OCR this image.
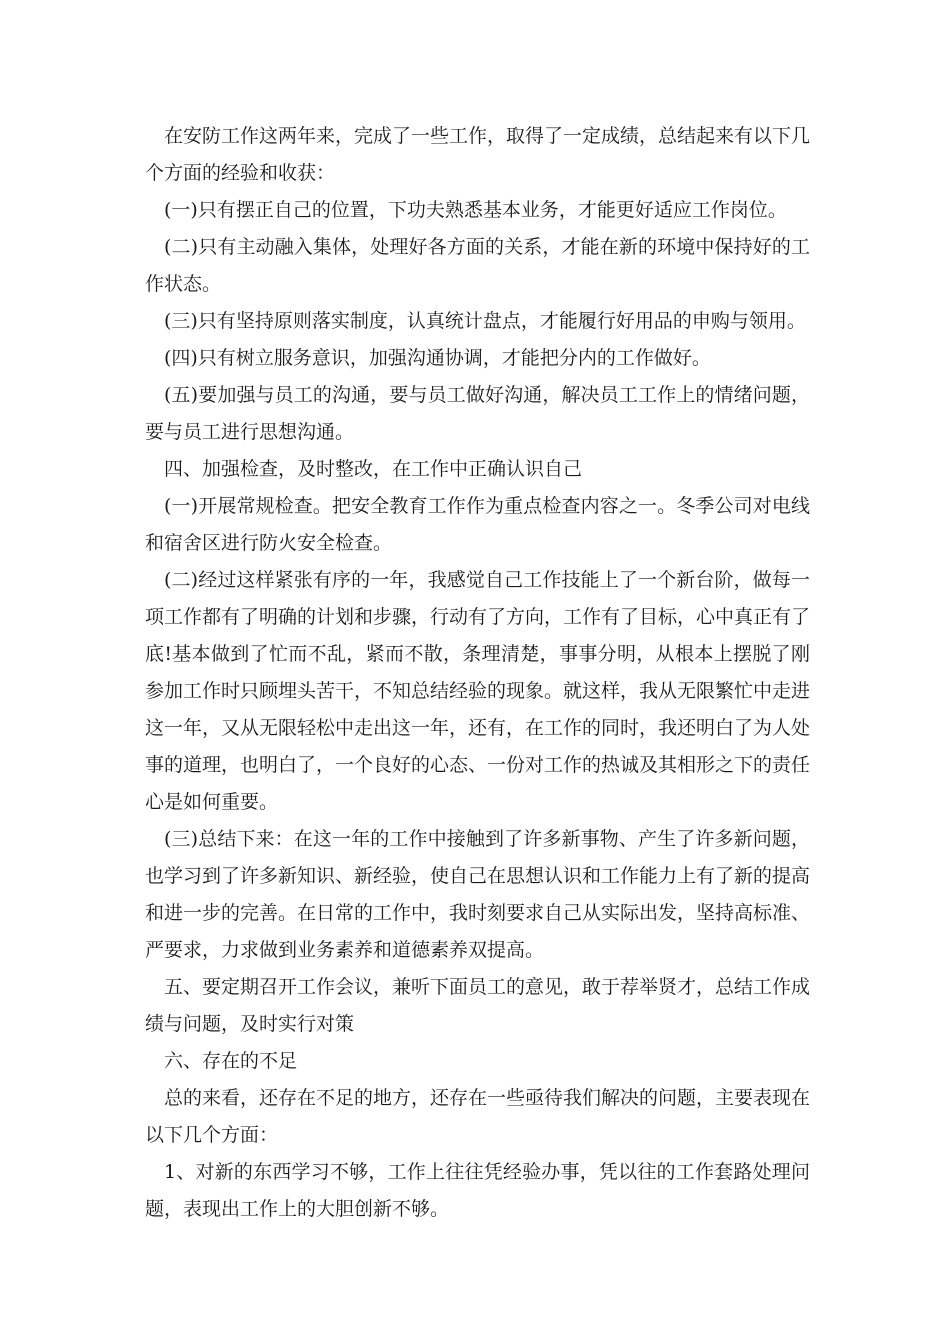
在安防工作这两年来，完成了一些工作，取得了一定成绩，总结起来有以下几个方面的经验和收获：

(一)只有摆正自己的位置，下功夫熟悉基本业务，才能更好适应工作岗位。

(二)只有主动融入集体，处理好各方面的关系，才能在新的环境中保持好的工作状态。

(三)只有坚持原则落实制度，认真统计盘点，才能履行好用品的申购与领用。

(四)只有树立服务意识，加强沟通协调，才能把分内的工作做好。

(五)要加强与员工的沟通，要与员工做好沟通，解决员工工作上的情绪问题，要与员工进行思想沟通。

四、加强检查，及时整改，在工作中正确认识自己

(一)开展常规检查。把安全教育工作作为重点检查内容之一。冬季公司对电线和宿舍区进行防火安全检查。

(二)经过这样紧张有序的一年，我感觉自己工作技能上了一个新台阶，做每一项工作都有了明确的计划和步骤，行动有了方向，工作有了目标，心中真正有了底!基本做到了忙而不乱，紧而不散，条理清楚，事事分明，从根本上摆脱了刚参加工作时只顾埋头苦干，不知总结经验的现象。就这样，我从无限繁忙中走进这一年，又从无限轻松中走出这一年，还有，在工作的同时，我还明白了为人处事的道理，也明白了，一个良好的心态、一份对工作的热诚及其相形之下的责任心是如何重要。

(三)总结下来：在这一年的工作中接触到了许多新事物、产生了许多新问题，也学习到了许多新知识、新经验，使自己在思想认识和工作能力上有了新的提高和进一步的完善。在日常的工作中，我时刻要求自己从实际出发，坚持高标准、严要求，力求做到业务素养和道德素养双提高。

五、要定期召开工作会议，兼听下面员工的意见，敢于荐举贤才，总结工作成绩与问题，及时实行对策

六、存在的不足

总的来看，还存在不足的地方，还存在一些亟待我们解决的问题，主要表现在以下几个方面：

1、对新的东西学习不够，工作上往往凭经验办事，凭以往的工作套路处理问题，表现出工作上的大胆创新不够。
